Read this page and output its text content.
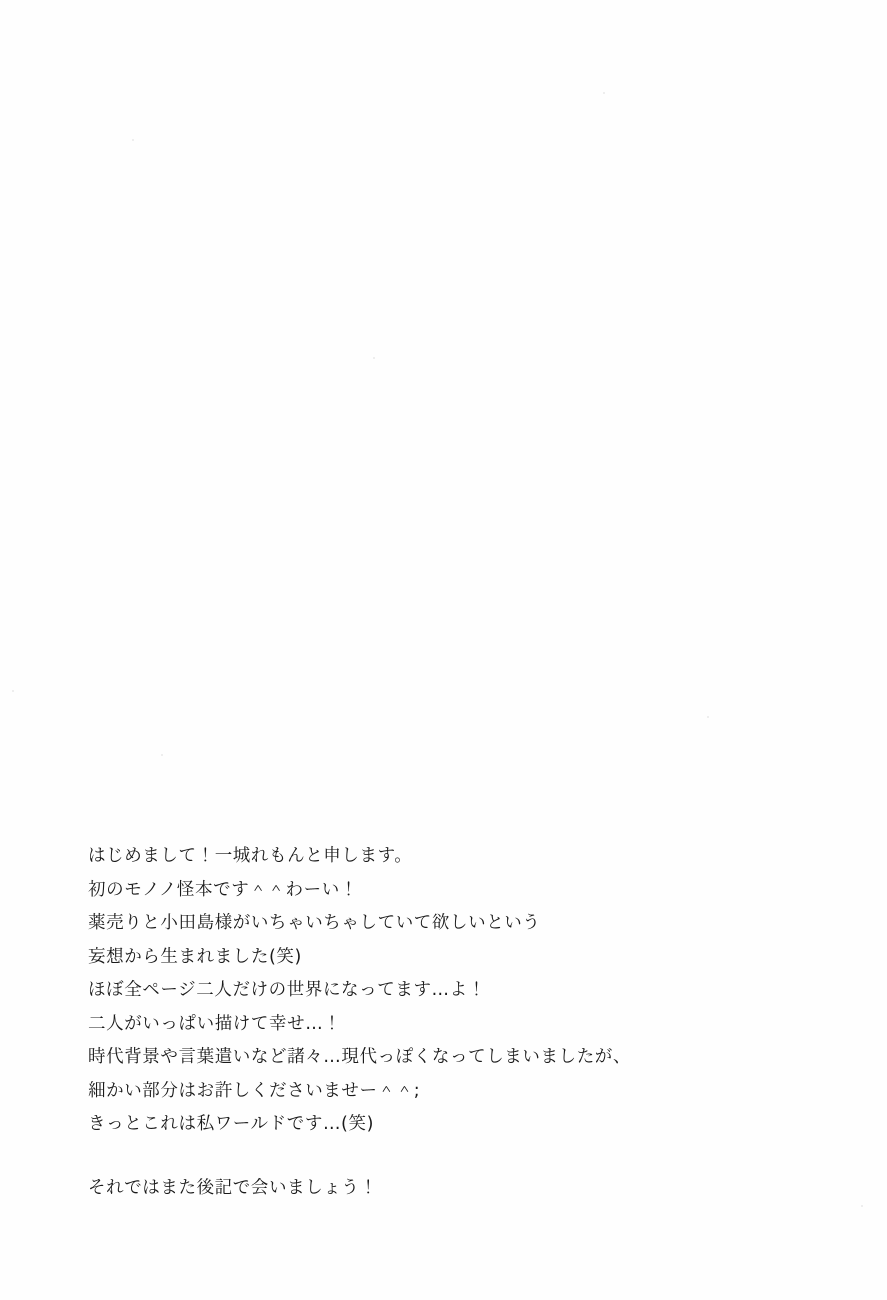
はじめまして！一城れもんと申します。
初のモノノ怪本です＾＾わーい！
薬売りと小田島様がいちゃいちゃしていて欲しいという
妄想から生まれました(笑)
ほぼ全ページ二人だけの世界になってます…よ！
二人がいっぱい描けて幸せ…！
時代背景や言葉遣いなど諸々…現代っぽくなってしまいましたが、
細かい部分はお許しくださいませー＾＾;
きっとこれは私ワールドです…(笑)
それではまた後記で会いましょう！
